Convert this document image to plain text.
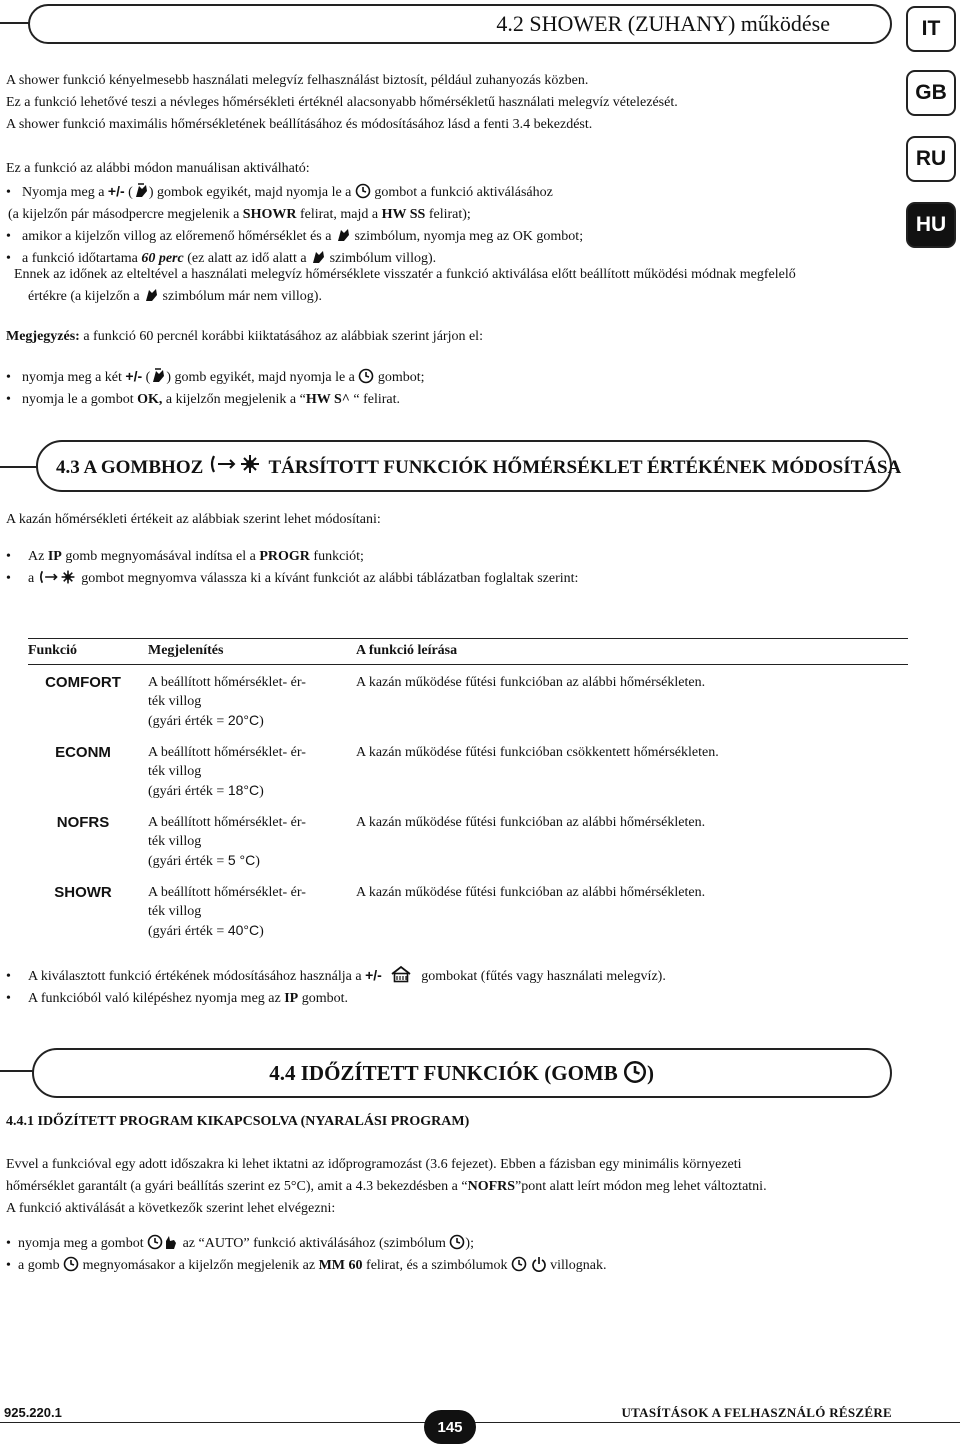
4.2 SHOWER (ZUHANY) működése	IT
GB
RU
HU
A shower funkció kényelmesebb használati melegvíz felhasználást biztosít, például zuhanyozás közben.
Ez a funkció lehetővé teszi a névleges hőmérsékleti értéknél alacsonyabb hőmérsékletű használati melegvíz vételezését.
A shower funkció maximális hőmérsékletének beállításához és módosításához lásd a fenti 3.4 bekezdést.
Ez a funkció az alábbi módon manuálisan aktiválható:
• Nyomja meg a +/- ( ) gombok egyikét, majd nyomja le a
gombot a funkció aktiválásához
(a kijelzőn pár másodpercre megjelenik a SHOWR felirat, majd a HW SS felirat);
• amikor a kijelzőn villog az előremenő hőmérséklet és a
szimbólum, nyomja meg az OK gombot;
• a funkció időtartama 60 perc (ez alatt az idő alatt a
szimbólum villog).
Ennek az időnek az elteltével a használati melegvíz hőmérséklete visszatér a funkció aktiválása előtt beállított működési módnak megfelelő
értékre (a kijelzőn a
szimbólum már nem villog).
Megjegyzés: a funkció 60 percnél korábbi kiiktatásához az alábbiak szerint járjon el:
• nyomja meg a két +/- ( ) gomb egyikét, majd nyomja le a
gombot;
• nyomja le a gombot OK, a kijelzőn megjelenik a “HW S^ “ felirat.
4.3 A GOMBHOZ	TÁRSÍTOTT FUNKCIÓK HŐMÉRSÉKLET ÉRTÉKÉNEK MÓDOSÍTÁSA
A kazán hőmérsékleti értékeit az alábbiak szerint lehet módosítani:
• Az IP gomb megnyomásával indítsa el a PROGR funkciót;
• a	gombot megnyomva válassza ki a kívánt funkciót az alábbi táblázatban foglaltak szerint:
Funkció	Megjelenítés	A funkció leírása

COMFORT	A beállított hőmérséklet- ér-
ték villog
(gyári érték = 20°C)	A kazán működése fűtési funkcióban az alábbi hőmérsékleten.

ECONM	A beállított hőmérséklet- ér-
ték villog
(gyári érték = 18°C)	A kazán működése fűtési funkcióban csökkentett hőmérsékleten.

NOFRS	A beállított hőmérséklet- ér-
ték villog
(gyári érték = 5 °C)	A kazán működése fűtési funkcióban az alábbi hőmérsékleten.

SHOWR	A beállított hőmérséklet- ér-
ték villog
(gyári érték = 40°C)	A kazán működése fűtési funkcióban az alábbi hőmérsékleten.
• A kiválasztott funkció értékének módosításához használja a +/-	gombokat (fűtés vagy használati melegvíz).
• A funkcióból való kilépéshez nyomja meg az IP gombot.
4.4 IDŐZÍTETT FUNKCIÓK (GOMB )
4.4.1 IDŐZÍTETT PROGRAM KIKAPCSOLVA (NYARALÁSI PROGRAM)
Evvel a funkcióval egy adott időszakra ki lehet iktatni az időprogramozást (3.6 fejezet). Ebben a fázisban egy minimális környezeti
hőmérséklet garantált (a gyári beállítás szerint ez 5°C), amit a 4.3 bekezdésben a “NOFRS”pont alatt leírt módon meg lehet változtatni.
A funkció aktiválását a következők szerint lehet elvégezni:
• nyomja meg a gombot
az “AUTO” funkció aktiválásához (szimbólum
);
• a gomb
megnyomásakor a kijelzőn megjelenik az MM 60 felirat, és a szimbólumok
	villognak.
925.220.1	UTASÍTÁSOK A FELHASZNÁLÓ RÉSZÉRE
145
